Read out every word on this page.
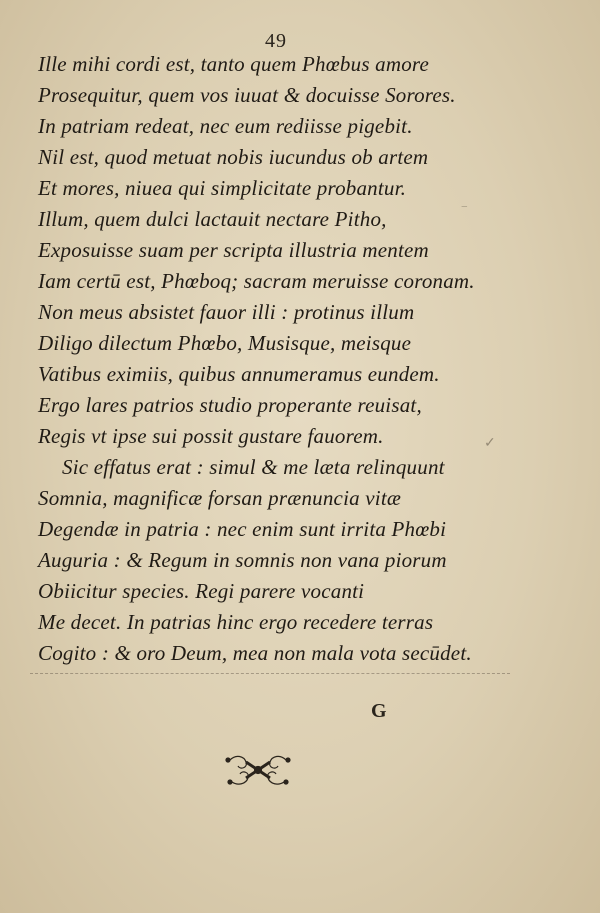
49
Ille mihi cordi est, tanto quem Phœbus amore
Prosequitur, quem vos iuuat & docuisse Sorores.
In patriam redeat, nec eum rediisse pigebit.
Nil est, quod metuat nobis iucundus ob artem
Et mores, niuea qui simplicitate probantur.
Illum, quem dulci lactauit nectare Pitho,
Exposuisse suam per scripta illustria mentem
Iam certū est, Phœboq; sacram meruisse coronam.
Non meus absistet fauor illi : protinus illum
Diligo dilectum Phœbo, Musisque, meisque
Vatibus eximiis, quibus annumeramus eundem.
Ergo lares patrios studio properante reuisat,
Regis vt ipse sui possit gustare fauorem.
Sic effatus erat : simul & me læta relinquunt
Somnia, magnificæ forsan prænuncia vitæ
Degendæ in patria : nec enim sunt irrita Phœbi
Auguria : & Regum in somnis non vana piorum
Obiicitur species. Regi parere vocanti
Me decet. In patrias hinc ergo recedere terras
Cogito : & oro Deum, mea non mala vota secūdet.
‾
✓
G
